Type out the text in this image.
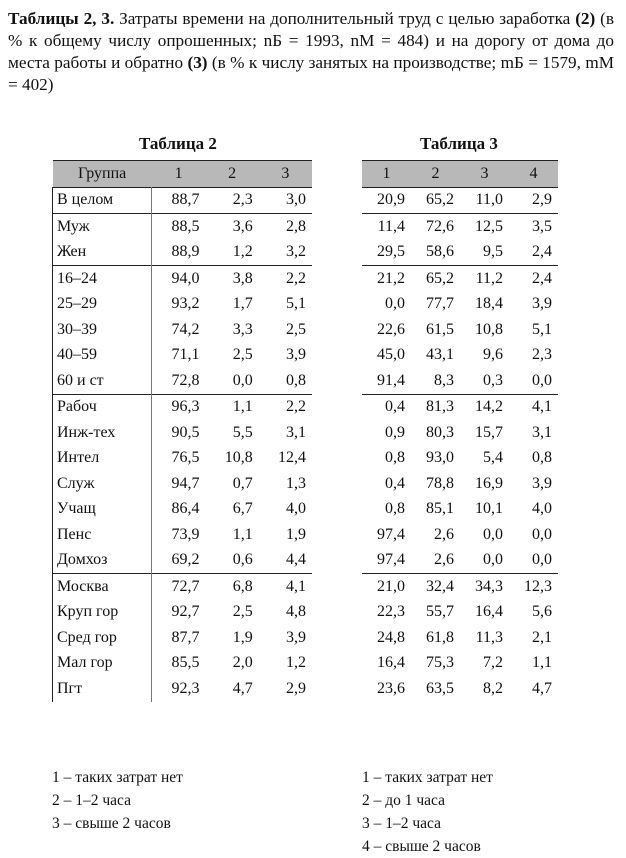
Таблицы 2, 3. Затраты времени на дополнительный труд с целью заработка (2) (в % к общему числу опрошенных; nБ = 1993, nМ = 484) и на дорогу от дома до места работы и обратно (3) (в % к числу занятых на производстве; mБ = 1579, mМ = 402)
Таблица 2	Таблица 3
Группа	1	2	3
В целом	88,7	2,3	3,0
Муж	88,5	3,6	2,8
Жен	88,9	1,2	3,2
16–24	94,0	3,8	2,2
25–29	93,2	1,7	5,1
30–39	74,2	3,3	2,5
40–59	71,1	2,5	3,9
60 и ст	72,8	0,0	0,8
Рабоч	96,3	1,1	2,2
Инж-тех	90,5	5,5	3,1
Интел	76,5	10,8	12,4
Служ	94,7	0,7	1,3
Учащ	86,4	6,7	4,0
Пенс	73,9	1,1	1,9
Домхоз	69,2	0,6	4,4
Москва	72,7	6,8	4,1
Круп гор	92,7	2,5	4,8
Сред гор	87,7	1,9	3,9
Мал гор	85,5	2,0	1,2
Пгт	92,3	4,7	2,9
1	2	3	4
20,9	65,2	11,0	2,9
11,4	72,6	12,5	3,5
29,5	58,6	9,5	2,4
21,2	65,2	11,2	2,4
0,0	77,7	18,4	3,9
22,6	61,5	10,8	5,1
45,0	43,1	9,6	2,3
91,4	8,3	0,3	0,0
0,4	81,3	14,2	4,1
0,9	80,3	15,7	3,1
0,8	93,0	5,4	0,8
0,4	78,8	16,9	3,9
0,8	85,1	10,1	4,0
97,4	2,6	0,0	0,0
97,4	2,6	0,0	0,0
21,0	32,4	34,3	12,3
22,3	55,7	16,4	5,6
24,8	61,8	11,3	2,1
16,4	75,3	7,2	1,1
23,6	63,5	8,2	4,7
1 – таких затрат нет
2 – 1–2 часа
3 – свыше 2 часов
1 – таких затрат нет
2 – до 1 часа
3 – 1–2 часа
4 – свыше 2 часов
